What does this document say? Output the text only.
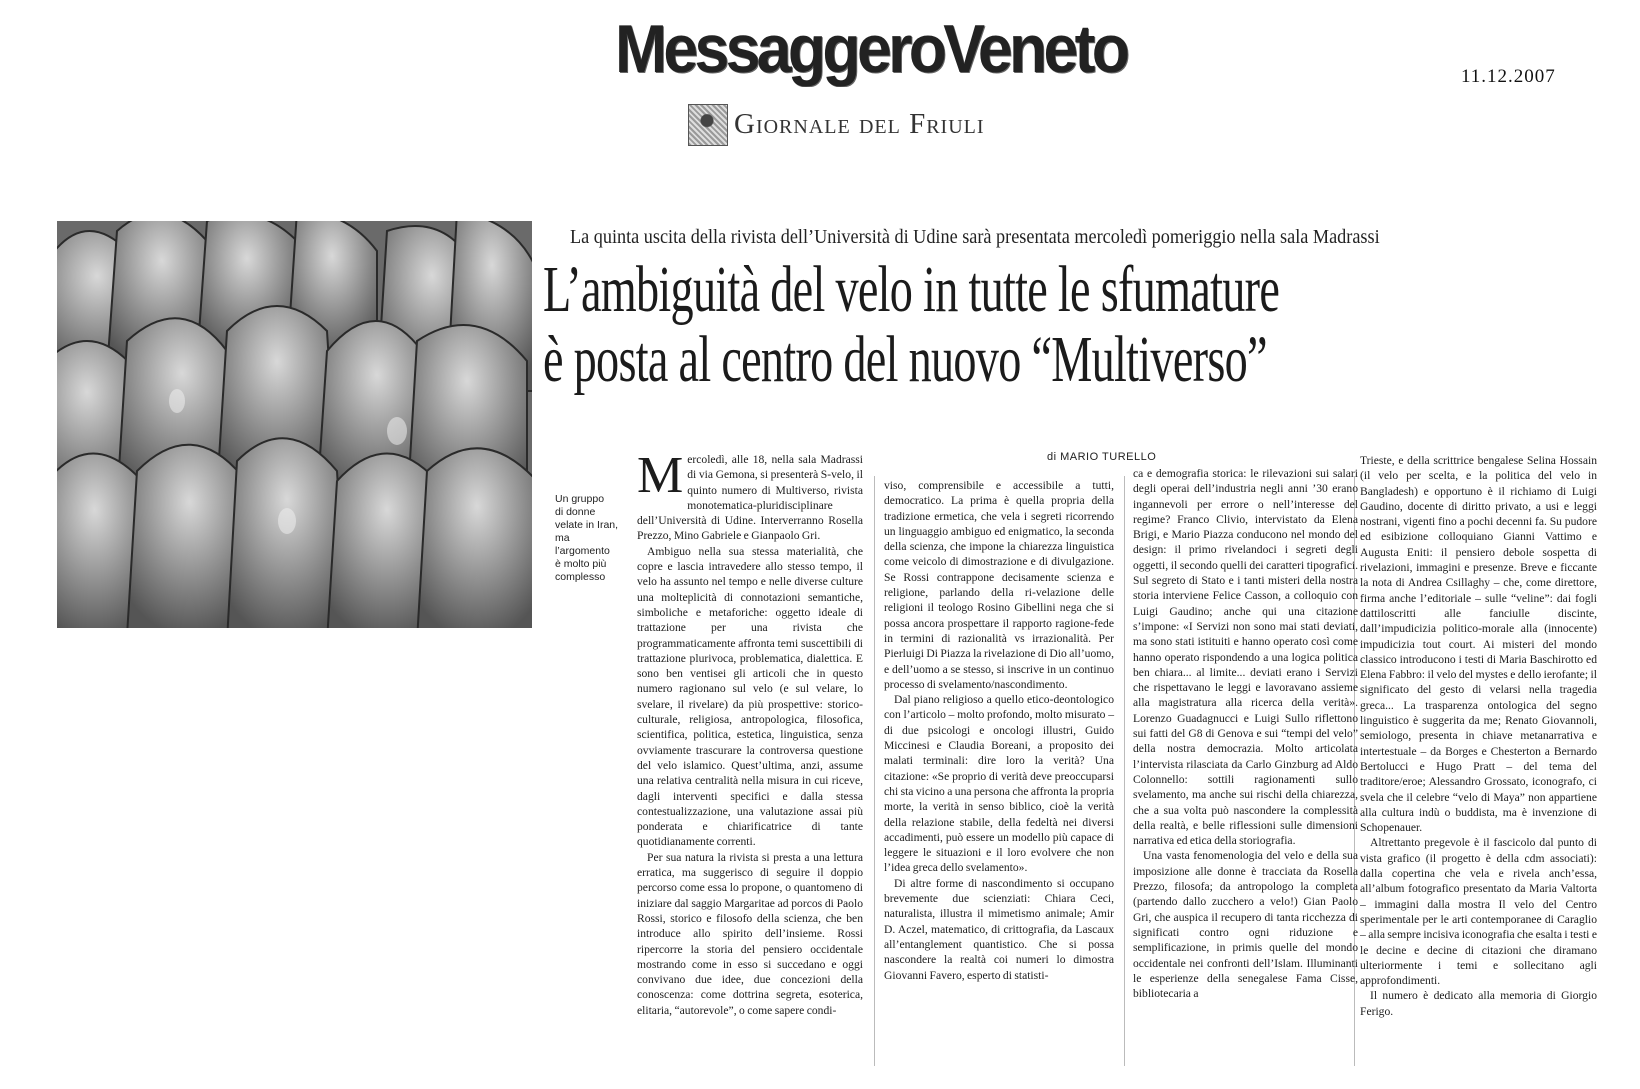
MessaggeroVeneto
Giornale del Friuli
11.12.2007
Un gruppo
di donne
velate in Iran,
ma
l’argomento
è molto più
complesso
La quinta uscita della rivista dell’Università di Udine sarà presentata mercoledì pomeriggio nella sala Madrassi
L’ambiguità del velo in tutte le sfumature
è posta al centro del nuovo “Multiverso”
di MARIO TURELLO

Mercoledì, alle 18, nella sala Madrassi di via Gemona, si presenterà S-velo, il quinto numero di Multiverso, rivista monotematica-pluridisciplinare dell’Università di Udine. Interverranno Rosella Prezzo, Mino Gabriele e Gianpaolo Gri.

Ambiguo nella sua stessa materialità, che copre e lascia intravedere allo stesso tempo, il velo ha assunto nel tempo e nelle diverse culture una molteplicità di connotazioni semantiche, simboliche e metaforiche: oggetto ideale di trattazione per una rivista che programmaticamente affronta temi suscettibili di trattazione plurivoca, problematica, dialettica. E sono ben ventisei gli articoli che in questo numero ragionano sul velo (e sul velare, lo svelare, il rivelare) da più prospettive: storico-culturale, religiosa, antropologica, filosofica, scientifica, politica, estetica, linguistica, senza ovviamente trascurare la controversa questione del velo islamico. Quest’ultima, anzi, assume una relativa centralità nella misura in cui riceve, dagli interventi specifici e dalla stessa contestualizzazione, una valutazione assai più ponderata e chiarificatrice di tante quotidianamente correnti.

Per sua natura la rivista si presta a una lettura erratica, ma suggerisco di seguire il doppio percorso come essa lo propone, o quantomeno di iniziare dal saggio Margaritae ad porcos di Paolo Rossi, storico e filosofo della scienza, che ben introduce allo spirito dell’insieme. Rossi ripercorre la storia del pensiero occidentale mostrando come in esso si succedano e oggi convivano due idee, due concezioni della conoscenza: come dottrina segreta, esoterica, elitaria, “autorevole”, o come sapere condi-

viso, comprensibile e accessibile a tutti, democratico. La prima è quella propria della tradizione ermetica, che vela i segreti ricorrendo un linguaggio ambiguo ed enigmatico, la seconda della scienza, che impone la chiarezza linguistica come veicolo di dimostrazione e di divulgazione. Se Rossi contrappone decisamente scienza e religione, parlando della ri-velazione delle religioni il teologo Rosino Gibellini nega che si possa ancora prospettare il rapporto ragione-fede in termini di razionalità vs irrazionalità. Per Pierluigi Di Piazza la rivelazione di Dio all’uomo, e dell’uomo a se stesso, si inscrive in un continuo processo di svelamento/nascondimento.

Dal piano religioso a quello etico-deontologico con l’articolo – molto profondo, molto misurato – di due psicologi e oncologi illustri, Guido Miccinesi e Claudia Boreani, a proposito dei malati terminali: dire loro la verità? Una citazione: «Se proprio di verità deve preoccuparsi chi sta vicino a una persona che affronta la propria morte, la verità in senso biblico, cioè la verità della relazione stabile, della fedeltà nei diversi accadimenti, può essere un modello più capace di leggere le situazioni e il loro evolvere che non l’idea greca dello svelamento».

Di altre forme di nascondimento si occupano brevemente due scienziati: Chiara Ceci, naturalista, illustra il mimetismo animale; Amir D. Aczel, matematico, di crittografia, da Lascaux all’entanglement quantistico. Che si possa nascondere la realtà coi numeri lo dimostra Giovanni Favero, esperto di statisti-

ca e demografia storica: le rilevazioni sui salari degli operai dell’industria negli anni ’30 erano ingannevoli per errore o nell’interesse del regime? Franco Clivio, intervistato da Elena Brigi, e Mario Piazza conducono nel mondo del design: il primo rivelandoci i segreti degli oggetti, il secondo quelli dei caratteri tipografici. Sul segreto di Stato e i tanti misteri della nostra storia interviene Felice Casson, a colloquio con Luigi Gaudino; anche qui una citazione s’impone: «I Servizi non sono mai stati deviati, ma sono stati istituiti e hanno operato così come hanno operato rispondendo a una logica politica ben chiara... al limite... deviati erano i Servizi che rispettavano le leggi e lavoravano assieme alla magistratura alla ricerca della verità». Lorenzo Guadagnucci e Luigi Sullo riflettono sui fatti del G8 di Genova e sui “tempi del velo” della nostra democrazia. Molto articolata l’intervista rilasciata da Carlo Ginzburg ad Aldo Colonnello: sottili ragionamenti sullo svelamento, ma anche sui rischi della chiarezza, che a sua volta può nascondere la complessità della realtà, e belle riflessioni sulle dimensioni narrativa ed etica della storiografia.

Una vasta fenomenologia del velo e della sua imposizione alle donne è tracciata da Rosella Prezzo, filosofa; da antropologo la completa (partendo dallo zucchero a velo!) Gian Paolo Gri, che auspica il recupero di tanta ricchezza di significati contro ogni riduzione e semplificazione, in primis quelle del mondo occidentale nei confronti dell’Islam. Illuminanti le esperienze della senegalese Fama Cisse, bibliotecaria a

Trieste, e della scrittrice bengalese Selina Hossain (il velo per scelta, e la politica del velo in Bangladesh) e opportuno è il richiamo di Luigi Gaudino, docente di diritto privato, a usi e leggi nostrani, vigenti fino a pochi decenni fa. Su pudore ed esibizione colloquiano Gianni Vattimo e Augusta Eniti: il pensiero debole sospetta di rivelazioni, immagini e presenze. Breve e ficcante la nota di Andrea Csillaghy – che, come direttore, firma anche l’editoriale – sulle “veline”: dai fogli dattiloscritti alle fanciulle discinte, dall’impudicizia politico-morale alla (innocente) impudicizia tout court. Ai misteri del mondo classico introducono i testi di Maria Baschirotto ed Elena Fabbro: il velo del mystes e dello ierofante; il significato del gesto di velarsi nella tragedia greca... La trasparenza ontologica del segno linguistico è suggerita da me; Renato Giovannoli, semiologo, presenta in chiave metanarrativa e intertestuale – da Borges e Chesterton a Bernardo Bertolucci e Hugo Pratt – del tema del traditore/eroe; Alessandro Grossato, iconografo, ci svela che il celebre “velo di Maya” non appartiene alla cultura indù o buddista, ma è invenzione di Schopenauer.

Altrettanto pregevole è il fascicolo dal punto di vista grafico (il progetto è della cdm associati): dalla copertina che vela e rivela anch’essa, all’album fotografico presentato da Maria Valtorta – immagini dalla mostra Il velo del Centro sperimentale per le arti contemporanee di Caraglio – alla sempre incisiva iconografia che esalta i testi e le decine e decine di citazioni che diramano ulteriormente i temi e sollecitano agli approfondimenti.

Il numero è dedicato alla memoria di Giorgio Ferigo.
